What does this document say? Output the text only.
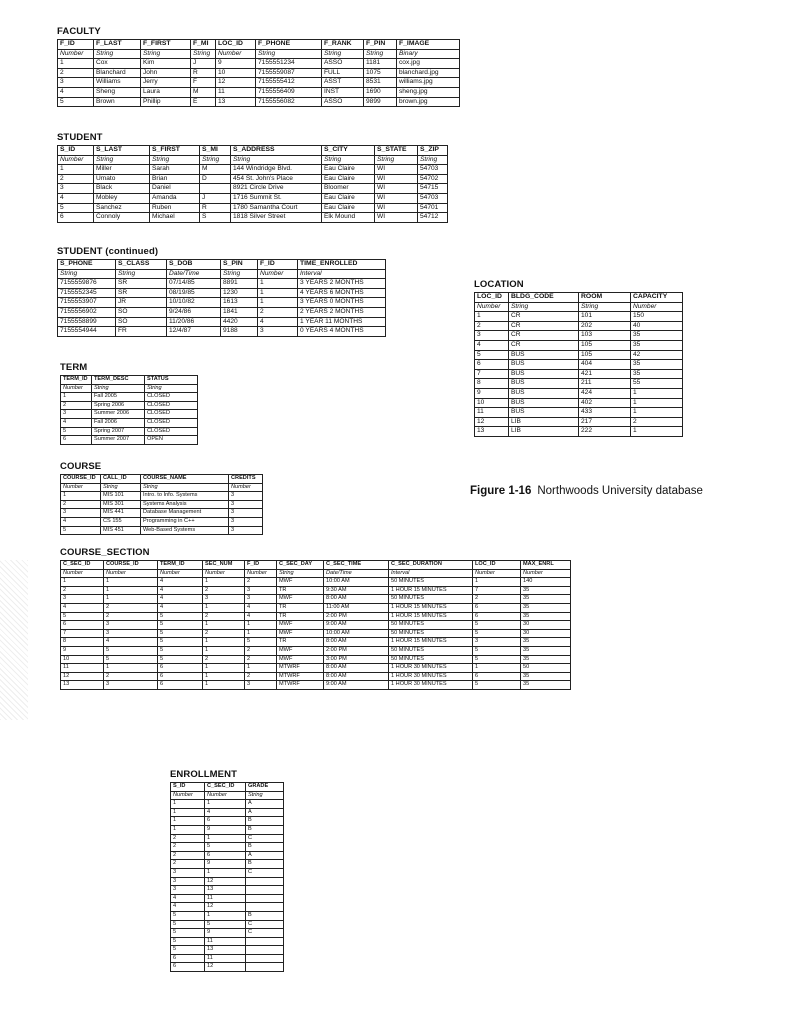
FACULTY
F_ID	F_LAST	F_FIRST	F_MI	LOC_ID	F_PHONE	F_RANK	F_PIN	F_IMAGE
Number	String	String	String	Number	String	String	String	Binary
1	Cox	Kim	J	9	7155551234	ASSO	1181	cox.jpg
2	Blanchard	John	R	10	7155559087	FULL	1075	blanchard.jpg
3	Williams	Jerry	F	12	7155555412	ASST	8531	williams.jpg
4	Sheng	Laura	M	11	7155556409	INST	1690	sheng.jpg
5	Brown	Phillip	E	13	7155556082	ASSO	9899	brown.jpg
STUDENT
S_ID	S_LAST	S_FIRST	S_MI	S_ADDRESS	S_CITY	S_STATE	S_ZIP
Number	String	String	String	String	String	String	String
1	Miller	Sarah	M	144 Windridge Blvd.	Eau Claire	WI	54703
2	Umato	Brian	D	454 St. John's Place	Eau Claire	WI	54702
3	Black	Daniel		8921 Circle Drive	Bloomer	WI	54715
4	Mobley	Amanda	J	1716 Summit St.	Eau Claire	WI	54703
5	Sanchez	Ruben	R	1780 Samantha Court	Eau Claire	WI	54701
6	Connoly	Michael	S	1818 Silver Street	Elk Mound	WI	54712
STUDENT (continued)
S_PHONE	S_CLASS	S_DOB	S_PIN	F_ID	TIME_ENROLLED
String	String	Date/Time	String	Number	Interval
7155559876	SR	07/14/85	8891	1	3 YEARS 2 MONTHS
7155552345	SR	08/19/85	1230	1	4 YEARS 6 MONTHS
7155553907	JR	10/10/82	1613	1	3 YEARS 0 MONTHS
7155556902	SO	9/24/86	1841	2	2 YEARS 2 MONTHS
7155558899	SO	11/20/86	4420	4	1 YEAR 11 MONTHS
7155554944	FR	12/4/87	9188	3	0 YEARS 4 MONTHS
LOCATION
LOC_ID	BLDG_CODE	ROOM	CAPACITY
Number	String	String	Number
1	CR	101	150
2	CR	202	40
3	CR	103	35
4	CR	105	35
5	BUS	105	42
6	BUS	404	35
7	BUS	421	35
8	BUS	211	55
9	BUS	424	1
10	BUS	402	1
11	BUS	433	1
12	LIB	217	2
13	LIB	222	1
TERM
TERM_ID	TERM_DESC	STATUS
Number	String	String
1	Fall 2005	CLOSED
2	Spring 2006	CLOSED
3	Summer 2006	CLOSED
4	Fall 2006	CLOSED
5	Spring 2007	CLOSED
6	Summer 2007	OPEN
COURSE
COURSE_ID	CALL_ID	COURSE_NAME	CREDITS
Number	String	String	Number
1	MIS 101	Intro. to Info. Systems	3
2	MIS 301	Systems Analysis	3
3	MIS 441	Database Management	3
4	CS 155	Programming in C++	3
5	MIS 451	Web-Based Systems	3
COURSE_SECTION
C_SEC_ID	COURSE_ID	TERM_ID	SEC_NUM	F_ID	C_SEC_DAY	C_SEC_TIME	C_SEC_DURATION	LOC_ID	MAX_ENRL
Number	Number	Number	Number	Number	String	Date/Time	Interval	Number	Number
1	1	4	1	2	MWF	10:00 AM	50 MINUTES	1	140
2	1	4	2	3	TR	9:30 AM	1 HOUR 15 MINUTES	7	35
3	1	4	3	3	MWF	8:00 AM	50 MINUTES	2	35
4	2	4	1	4	TR	11:00 AM	1 HOUR 15 MINUTES	6	35
5	2	5	2	4	TR	2:00 PM	1 HOUR 15 MINUTES	6	35
6	3	5	1	1	MWF	9:00 AM	50 MINUTES	5	30
7	3	5	2	1	MWF	10:00 AM	50 MINUTES	5	30
8	4	5	1	5	TR	8:00 AM	1 HOUR 15 MINUTES	3	35
9	5	5	1	2	MWF	2:00 PM	50 MINUTES	5	35
10	5	5	2	2	MWF	3:00 PM	50 MINUTES	5	35
11	1	6	1	1	MTWRF	8:00 AM	1 HOUR 30 MINUTES	1	50
12	2	6	1	2	MTWRF	8:00 AM	1 HOUR 30 MINUTES	6	35
13	3	6	1	3	MTWRF	9:00 AM	1 HOUR 30 MINUTES	5	35
ENROLLMENT
S_ID	C_SEC_ID	GRADE
Number	Number	String
1	1	A
1	4	A
1	6	B
1	9	B
2	1	C
2	5	B
2	6	A
2	9	B
3	1	C
3	12	
3	13	
4	11	
4	12	
5	1	B
5	5	C
5	9	C
5	11	
5	13	
6	11	
6	12	
Figure 1-16 Northwoods University database
